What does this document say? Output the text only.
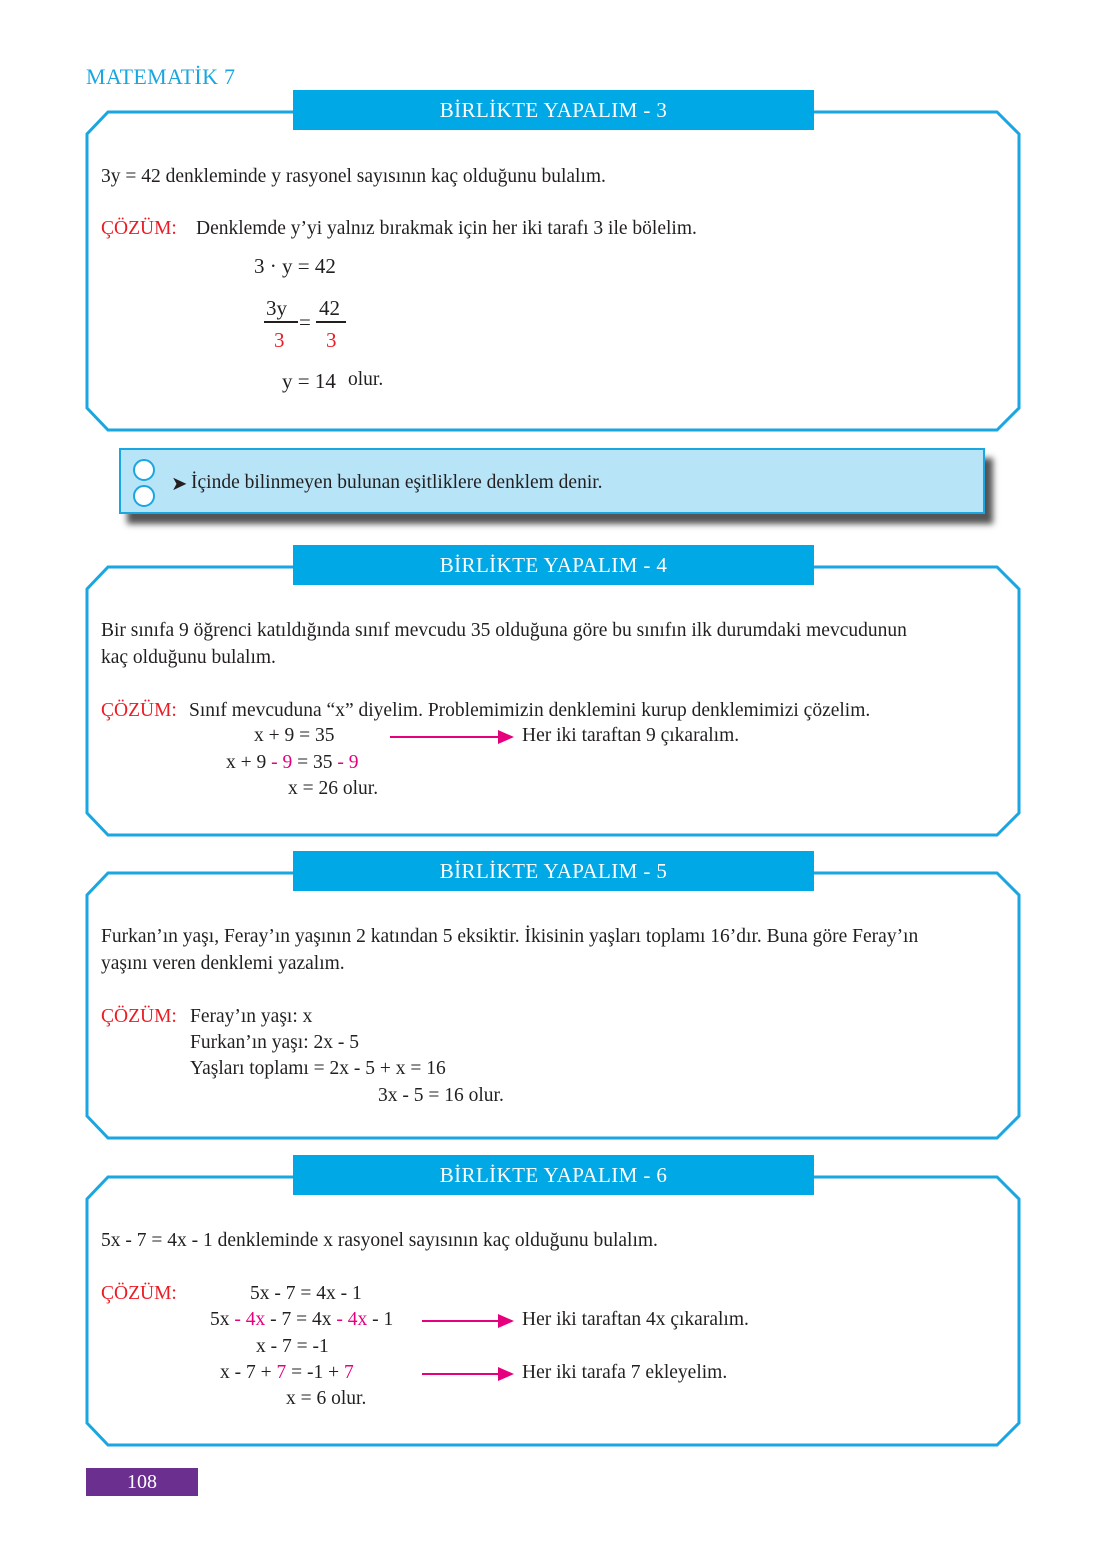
MATEMATİK 7
BİRLİKTE YAPALIM - 3
3y = 42 denkleminde y rasyonel sayısının kaç olduğunu bulalım.
ÇÖZÜM: Denklemde y’yi yalnız bırakmak için her iki tarafı 3 ile bölelim.
3 · y = 42
3y
3
=
42
3
y = 14 olur.
➤ İçinde bilinmeyen bulunan eşitliklere denklem denir.
BİRLİKTE YAPALIM - 4
Bir sınıfa 9 öğrenci katıldığında sınıf mevcudu 35 olduğuna göre bu sınıfın ilk durumdaki mevcudunun
kaç olduğunu bulalım.
ÇÖZÜM: Sınıf mevcuduna “x” diyelim. Problemimizin denklemini kurup denklemimizi çözelim.
x + 9 = 35	Her iki taraftan 9 çıkaralım.
x + 9 - 9 = 35 - 9
x = 26 olur.
BİRLİKTE YAPALIM - 5
Furkan’ın yaşı, Feray’ın yaşının 2 katından 5 eksiktir. İkisinin yaşları toplamı 16’dır. Buna göre Feray’ın
yaşını veren denklemi yazalım.
ÇÖZÜM: Feray’ın yaşı: x
Furkan’ın yaşı: 2x - 5
Yaşları toplamı = 2x - 5 + x = 16
3x - 5 = 16 olur.
BİRLİKTE YAPALIM - 6
5x - 7 = 4x - 1 denkleminde x rasyonel sayısının kaç olduğunu bulalım.
ÇÖZÜM:	5x - 7 = 4x - 1
5x - 4x - 7 = 4x - 4x - 1	Her iki taraftan 4x çıkaralım.
x - 7 = -1
x - 7 + 7 = -1 + 7	Her iki tarafa 7 ekleyelim.
x = 6 olur.
108
